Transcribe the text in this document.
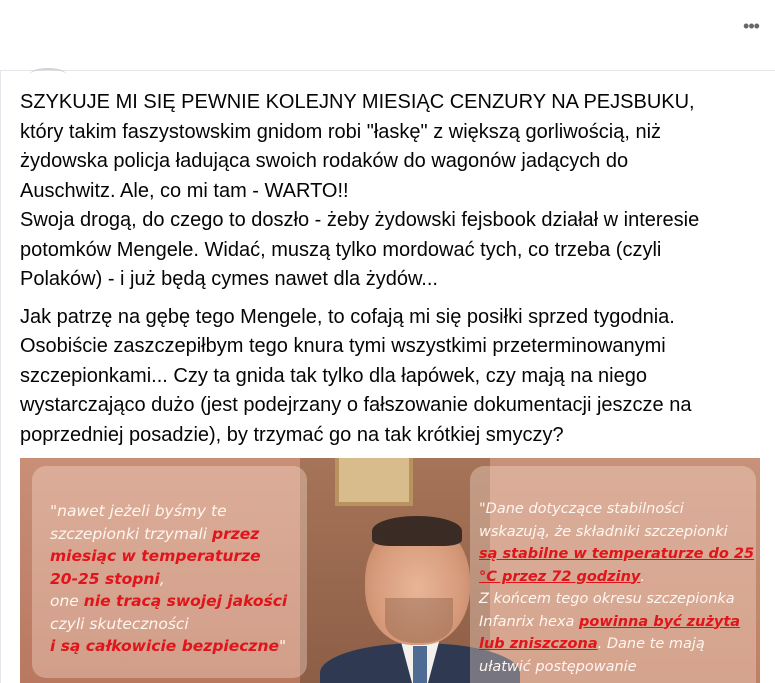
•••

SZYKUJE MI SIĘ PEWNIE KOLEJNY MIESIĄC CENZURY NA PEJSBUKU,
który takim faszystowskim gnidom robi "łaskę" z większą gorliwością, niż
żydowska policja ładująca swoich rodaków do wagonów jadących do
Auschwitz. Ale, co mi tam - WARTO!!
Swoja drogą, do czego to doszło - żeby żydowski fejsbook działał w interesie
potomków Mengele. Widać, muszą tylko mordować tych, co trzeba (czyli
Polaków) - i już będą cymes nawet dla żydów...

Jak patrzę na gębę tego Mengele, to cofają mi się posiłki sprzed tygodnia.
Osobiście zaszczepiłbym tego knura tymi wszystkimi przeterminowanymi
szczepionkami... Czy ta gnida tak tylko dla łapówek, czy mają na niego
wystarczająco dużo (jest podejrzany o fałszowanie dokumentacji jeszcze na
poprzedniej posadzie), by trzymać go na tak krótkiej smyczy?

"nawet jeżeli byśmy te
szczepionki trzymali przez
miesiąc w temperaturze
20-25 stopni,
one nie tracą swojej jakości
czyli skuteczności
i są całkowicie bezpieczne"
"Dane dotyczące stabilności
wskazują, że składniki szczepionki
są stabilne w temperaturze do 25
°C przez 72 godziny.
Z końcem tego okresu szczepionka
Infanrix hexa powinna być zużyta
lub zniszczona. Dane te mają
ułatwić postępowanie
